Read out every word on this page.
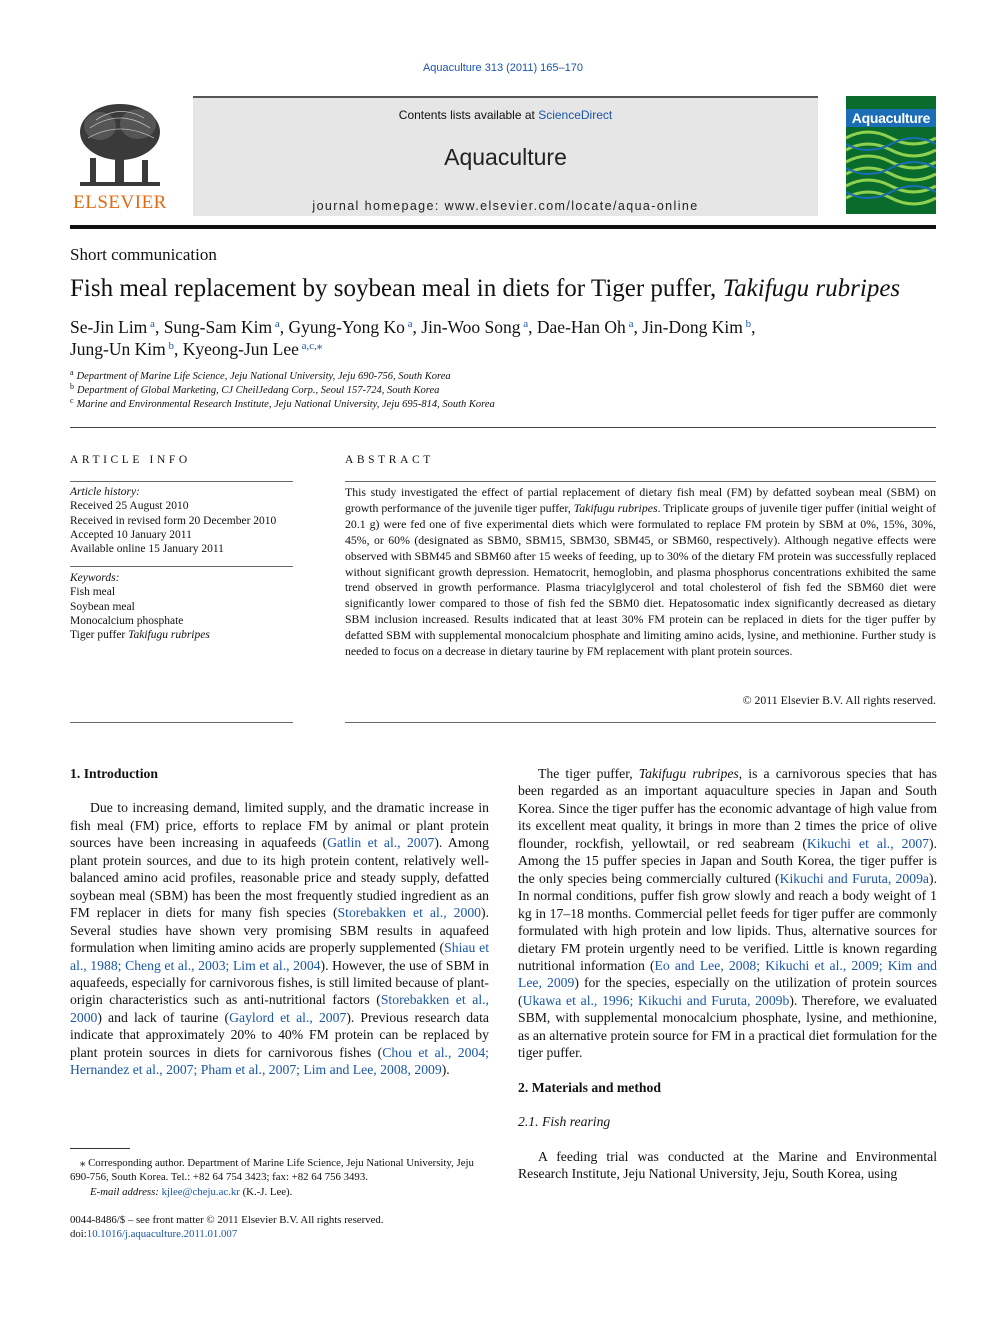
Aquaculture 313 (2011) 165–170
ELSEVIER
Contents lists available at ScienceDirect
Aquaculture
journal homepage: www.elsevier.com/locate/aqua-online
Aquaculture
Short communication
Fish meal replacement by soybean meal in diets for Tiger puffer, Takifugu rubripes
Se-Jin Lim $^a$, Sung-Sam Kim $^a$, Gyung-Yong Ko $^a$, Jin-Woo Song $^a$, Dae-Han Oh $^a$, Jin-Dong Kim $^b$,
Jung-Un Kim $^b$, Kyeong-Jun Lee $^{a,c,⁎}$
$^a$ Department of Marine Life Science, Jeju National University, Jeju 690-756, South Korea
$^b$ Department of Global Marketing, CJ CheilJedang Corp., Seoul 157-724, South Korea
$^c$ Marine and Environmental Research Institute, Jeju National University, Jeju 695-814, South Korea
ARTICLE INFO
Article history:
Received 25 August 2010
Received in revised form 20 December 2010
Accepted 10 January 2011
Available online 15 January 2011
Keywords:
Fish meal
Soybean meal
Monocalcium phosphate
Tiger puffer Takifugu rubripes
ABSTRACT
This study investigated the effect of partial replacement of dietary fish meal (FM) by defatted soybean meal (SBM) on growth performance of the juvenile tiger puffer, Takifugu rubripes. Triplicate groups of juvenile tiger puffer (initial weight of 20.1 g) were fed one of five experimental diets which were formulated to replace FM protein by SBM at 0%, 15%, 30%, 45%, or 60% (designated as SBM0, SBM15, SBM30, SBM45, or SBM60, respectively). Although negative effects were observed with SBM45 and SBM60 after 15 weeks of feeding, up to 30% of the dietary FM protein was successfully replaced without significant growth depression. Hematocrit, hemoglobin, and plasma phosphorus concentrations exhibited the same trend observed in growth performance. Plasma triacylglycerol and total cholesterol of fish fed the SBM60 diet were significantly lower compared to those of fish fed the SBM0 diet. Hepatosomatic index significantly decreased as dietary SBM inclusion increased. Results indicated that at least 30% FM protein can be replaced in diets for the tiger puffer by defatted SBM with supplemental monocalcium phosphate and limiting amino acids, lysine, and methionine. Further study is needed to focus on a decrease in dietary taurine by FM replacement with plant protein sources.
© 2011 Elsevier B.V. All rights reserved.
1. Introduction

Due to increasing demand, limited supply, and the dramatic increase in fish meal (FM) price, efforts to replace FM by animal or plant protein sources have been increasing in aquafeeds (Gatlin et al., 2007). Among plant protein sources, and due to its high protein content, relatively well-balanced amino acid profiles, reasonable price and steady supply, defatted soybean meal (SBM) has been the most frequently studied ingredient as an FM replacer in diets for many fish species (Storebakken et al., 2000). Several studies have shown very promising SBM results in aquafeed formulation when limiting amino acids are properly supplemented (Shiau et al., 1988; Cheng et al., 2003; Lim et al., 2004). However, the use of SBM in aquafeeds, especially for carnivorous fishes, is still limited because of plant-origin characteristics such as anti-nutritional factors (Storebakken et al., 2000) and lack of taurine (Gaylord et al., 2007). Previous research data indicate that approximately 20% to 40% FM protein can be replaced by plant protein sources in diets for carnivorous fishes (Chou et al., 2004; Hernandez et al., 2007; Pham et al., 2007; Lim and Lee, 2008, 2009).

The tiger puffer, Takifugu rubripes, is a carnivorous species that has been regarded as an important aquaculture species in Japan and South Korea. Since the tiger puffer has the economic advantage of high value from its excellent meat quality, it brings in more than 2 times the price of olive flounder, rockfish, yellowtail, or red seabream (Kikuchi et al., 2007). Among the 15 puffer species in Japan and South Korea, the tiger puffer is the only species being commercially cultured (Kikuchi and Furuta, 2009a). In normal conditions, puffer fish grow slowly and reach a body weight of 1 kg in 17–18 months. Commercial pellet feeds for tiger puffer are commonly formulated with high protein and low lipids. Thus, alternative sources for dietary FM protein urgently need to be verified. Little is known regarding nutritional information (Eo and Lee, 2008; Kikuchi et al., 2009; Kim and Lee, 2009) for the species, especially on the utilization of protein sources (Ukawa et al., 1996; Kikuchi and Furuta, 2009b). Therefore, we evaluated SBM, with supplemental monocalcium phosphate, lysine, and methionine, as an alternative protein source for FM in a practical diet formulation for the tiger puffer.

2. Materials and method
2.1. Fish rearing

A feeding trial was conducted at the Marine and Environmental Research Institute, Jeju National University, Jeju, South Korea, using

⁎ Corresponding author. Department of Marine Life Science, Jeju National University, Jeju 690-756, South Korea. Tel.: +82 64 754 3423; fax: +82 64 756 3493.
E-mail address: kjlee@cheju.ac.kr (K.-J. Lee).
0044-8486/$ – see front matter © 2011 Elsevier B.V. All rights reserved.
doi:10.1016/j.aquaculture.2011.01.007
